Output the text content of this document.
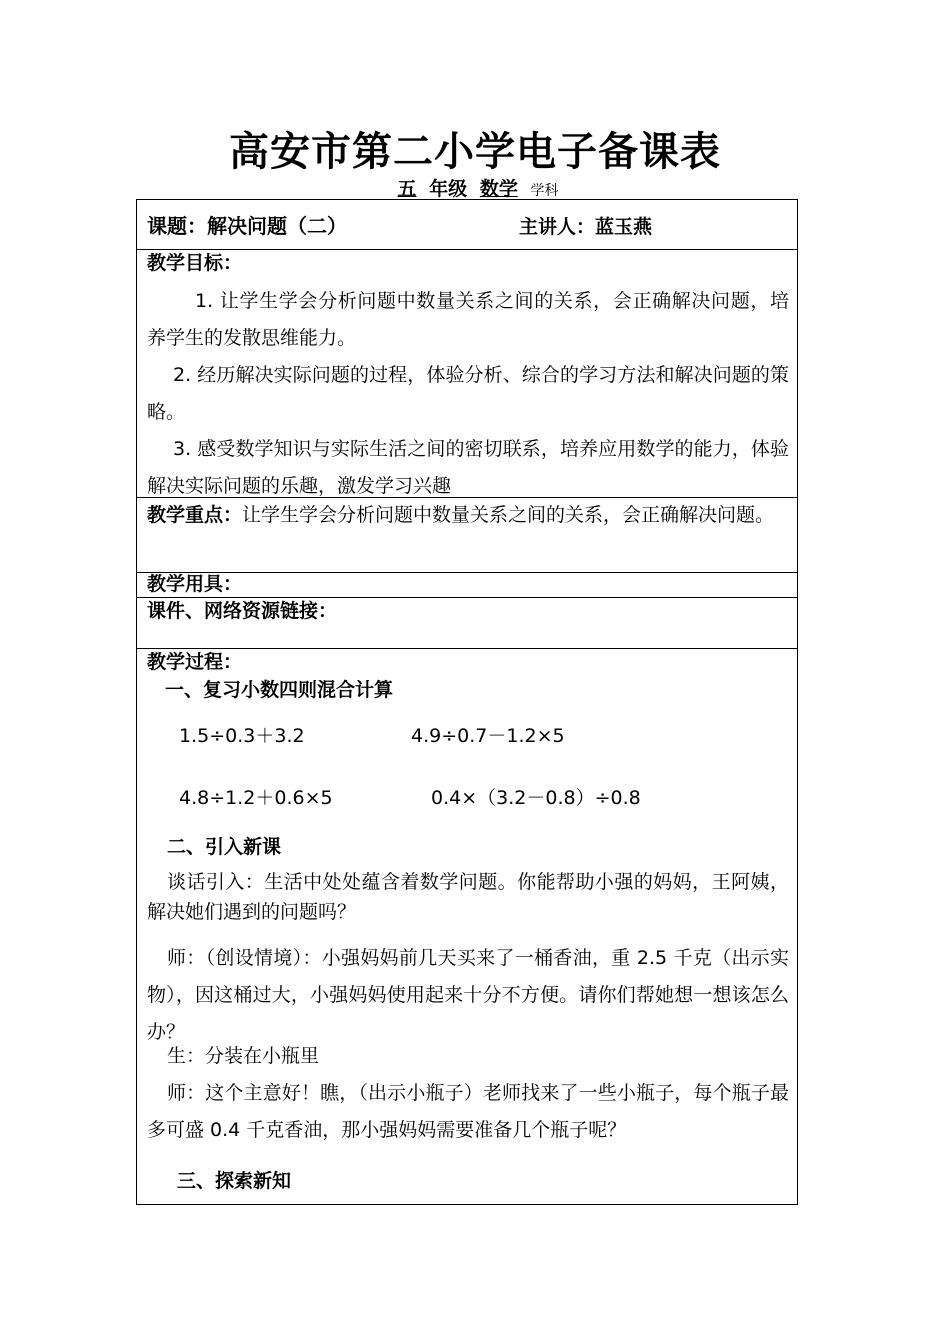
高安市第二小学电子备课表
五 年级 数学 学科
课题：解决问题（二）	主讲人：蓝玉燕
教学目标：
1. 让学生学会分析问题中数量关系之间的关系，会正确解决问题，培养学生的发散思维能力。
2. 经历解决实际问题的过程，体验分析、综合的学习方法和解决问题的策略。
3. 感受数学知识与实际生活之间的密切联系，培养应用数学的能力，体验解决实际问题的乐趣，激发学习兴趣
教学重点：让学生学会分析问题中数量关系之间的关系，会正确解决问题。
教学用具：
课件、网络资源链接：
教学过程：
一、复习小数四则混合计算
1.5÷0.3＋3.2	4.9÷0.7－1.2×5
4.8÷1.2＋0.6×5	0.4×（3.2－0.8）÷0.8
二、引入新课
谈话引入：生活中处处蕴含着数学问题。你能帮助小强的妈妈，王阿姨，解决她们遇到的问题吗？
师：（创设情境）：小强妈妈前几天买来了一桶香油，重 2.5 千克（出示实物），因这桶过大，小强妈妈使用起来十分不方便。请你们帮她想一想该怎么办？
生：分装在小瓶里
师：这个主意好！瞧，（出示小瓶子）老师找来了一些小瓶子，每个瓶子最多可盛 0.4 千克香油，那小强妈妈需要准备几个瓶子呢？
三、探索新知
